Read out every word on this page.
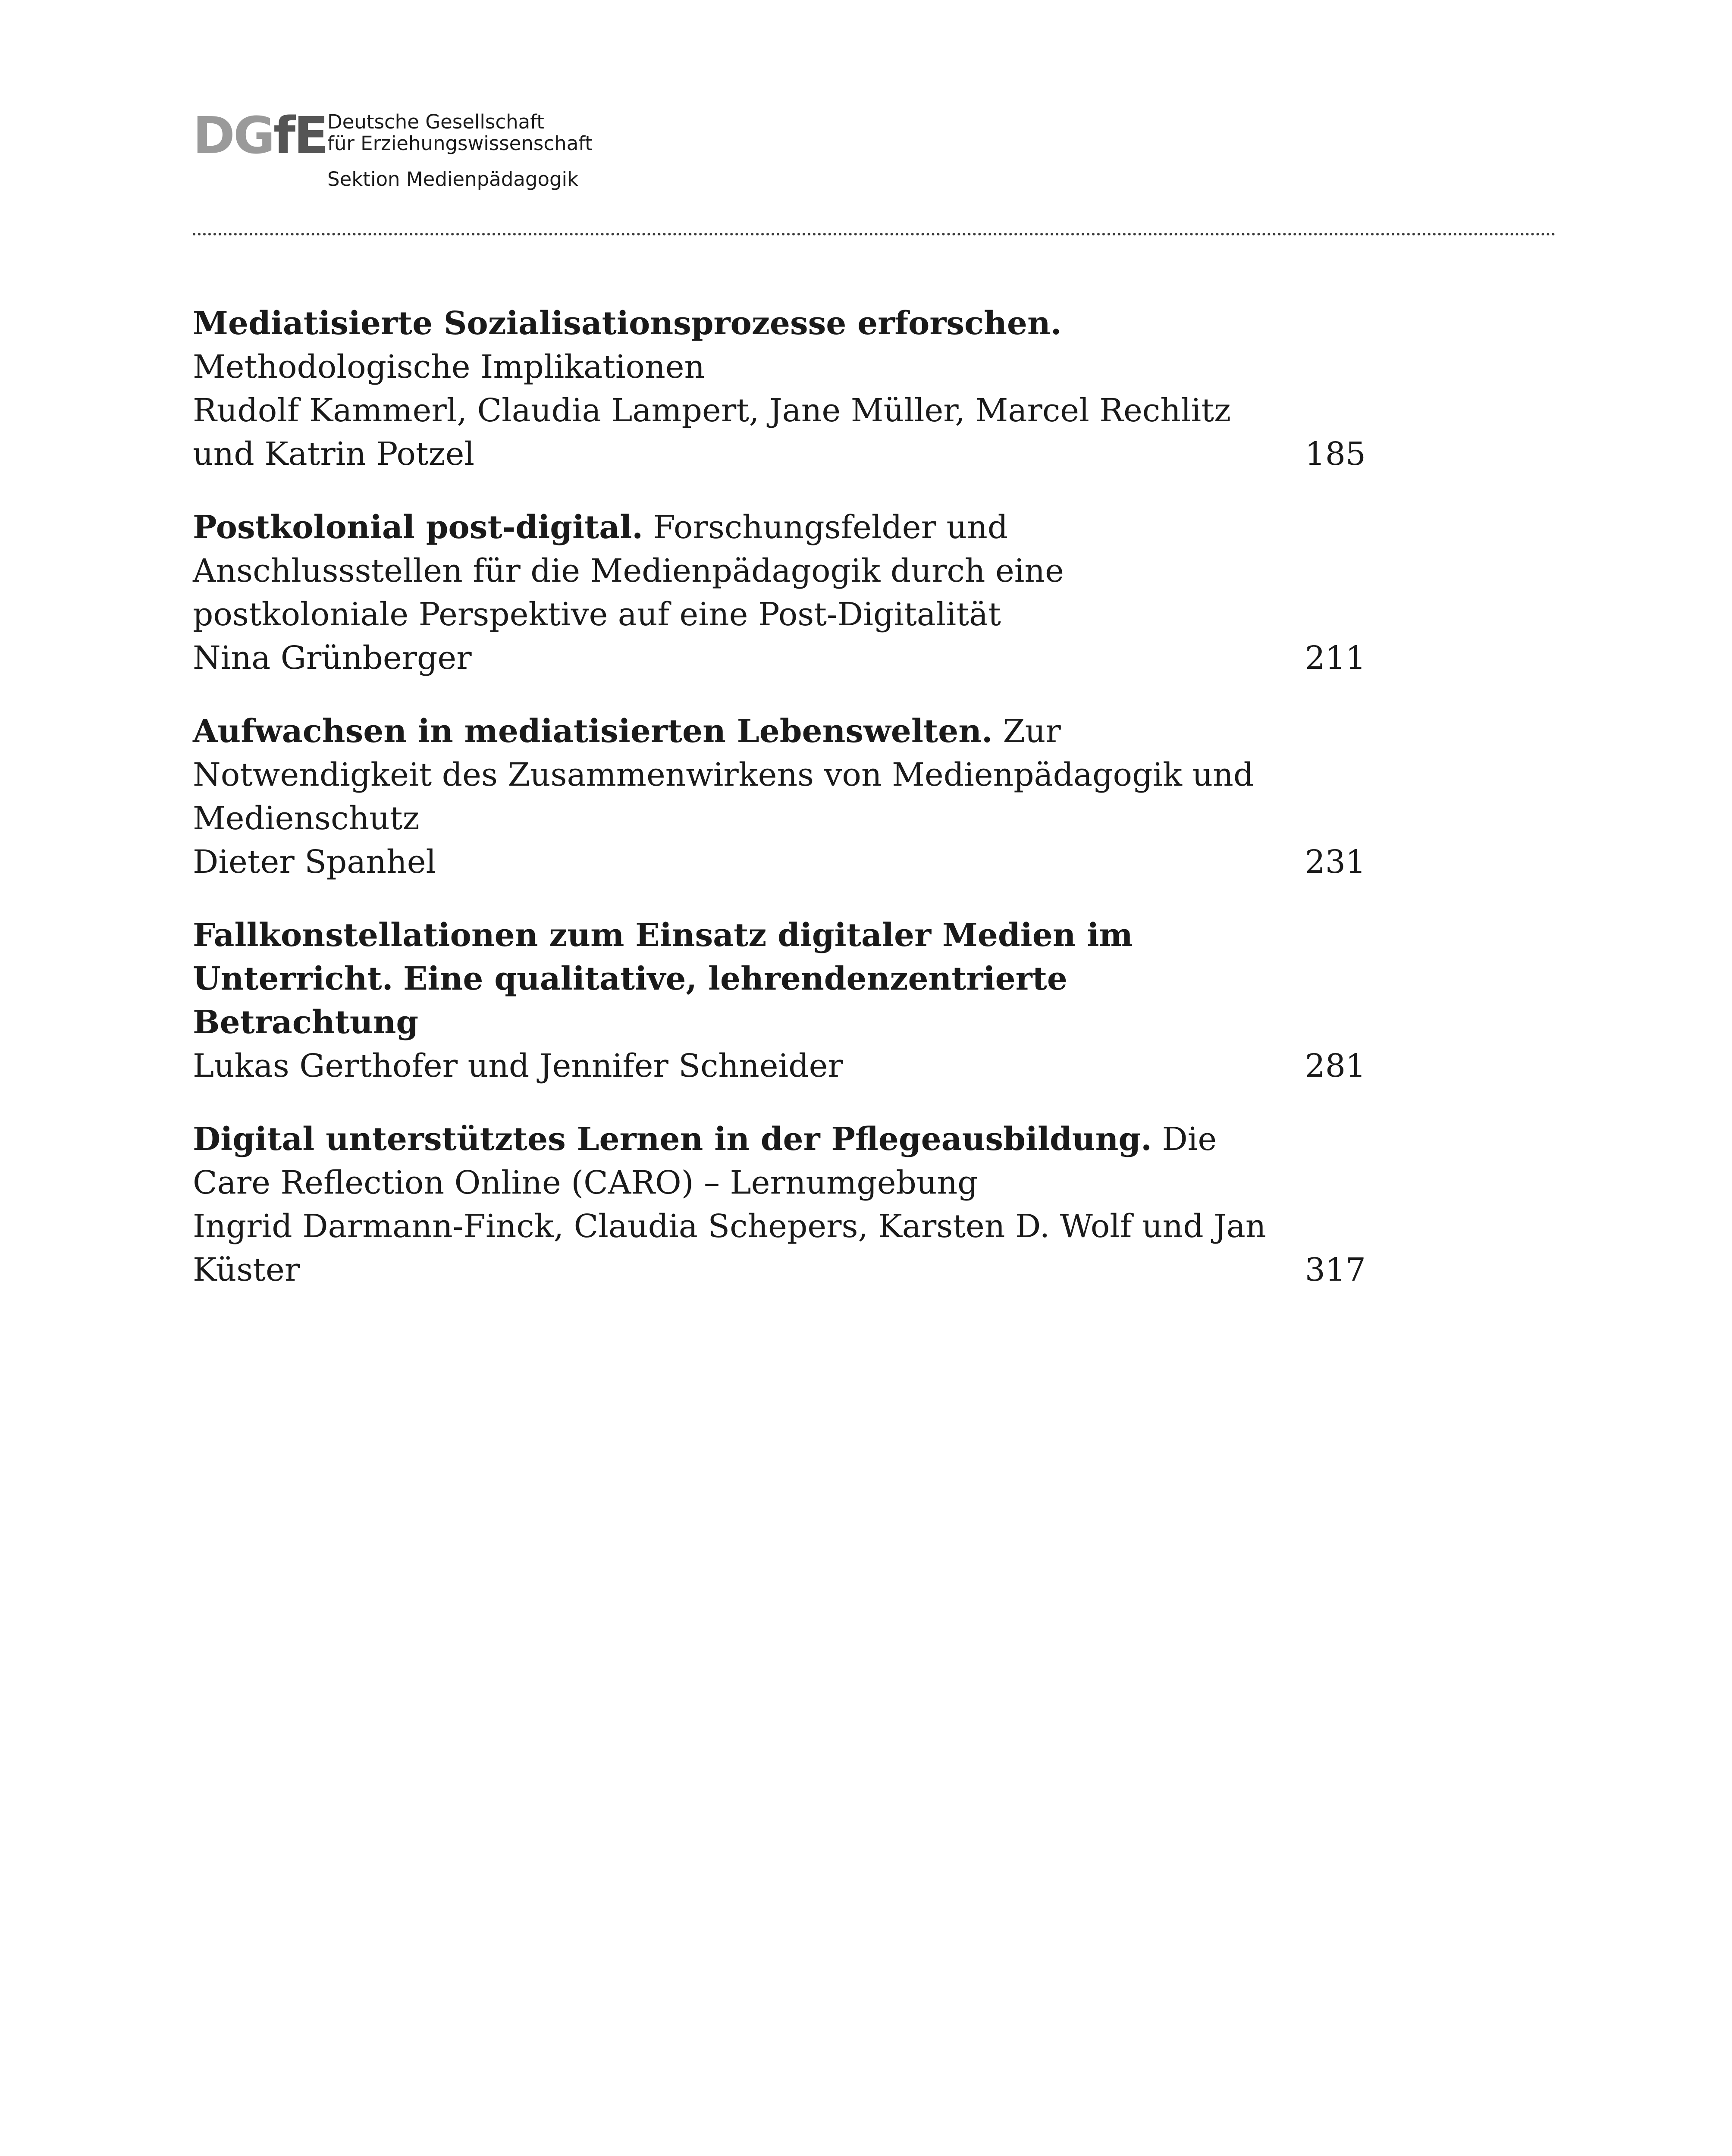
DGfE Deutsche Gesellschaft
für Erziehungswissenschaft
Sektion Medienpädagogik
Mediatisierte Sozialisationsprozesse erforschen. Methodologische Implikationen
Rudolf Kammerl, Claudia Lampert, Jane Müller, Marcel Rechlitz und Katrin Potzel	185
Postkolonial post-digital. Forschungsfelder und Anschlussstellen für die Medienpädagogik durch eine postkoloniale Perspektive auf eine Post-Digitalität
Nina Grünberger	211
Aufwachsen in mediatisierten Lebenswelten. Zur Notwendigkeit des Zusammenwirkens von Medienpädagogik und Medienschutz
Dieter Spanhel	231
Fallkonstellationen zum Einsatz digitaler Medien im Unterricht. Eine qualitative, lehrendenzentrierte Betrachtung
Lukas Gerthofer und Jennifer Schneider	281
Digital unterstütztes Lernen in der Pflegeausbildung. Die Care Reflection Online (CARO) – Lernumgebung
Ingrid Darmann-Finck, Claudia Schepers, Karsten D. Wolf und Jan Küster	317
